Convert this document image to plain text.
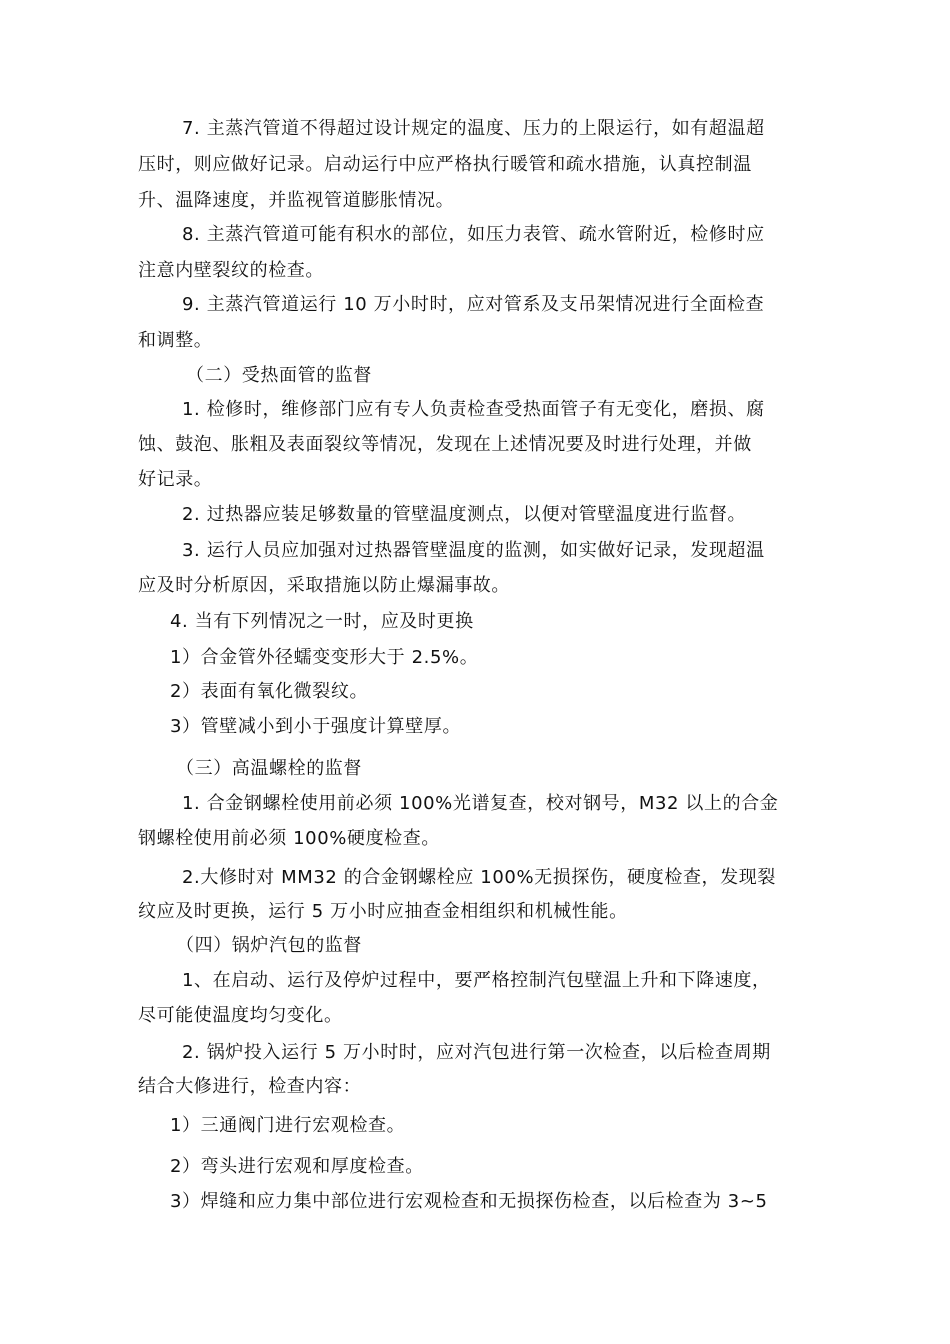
7. 主蒸汽管道不得超过设计规定的温度、压力的上限运行，如有超温超
压时，则应做好记录。启动运行中应严格执行暖管和疏水措施，认真控制温
升、温降速度，并监视管道膨胀情况。
8. 主蒸汽管道可能有积水的部位，如压力表管、疏水管附近，检修时应
注意内壁裂纹的检查。
9. 主蒸汽管道运行 10 万小时时，应对管系及支吊架情况进行全面检查
和调整。
（二）受热面管的监督
1. 检修时，维修部门应有专人负责检查受热面管子有无变化，磨损、腐
蚀、鼓泡、胀粗及表面裂纹等情况，发现在上述情况要及时进行处理，并做
好记录。
2. 过热器应装足够数量的管壁温度测点，以便对管壁温度进行监督。
3. 运行人员应加强对过热器管壁温度的监测，如实做好记录，发现超温
应及时分析原因，采取措施以防止爆漏事故。
4. 当有下列情况之一时，应及时更换
1）合金管外径蠕变变形大于 2.5%。
2）表面有氧化微裂纹。
3）管壁减小到小于强度计算壁厚。
（三）高温螺栓的监督
1. 合金钢螺栓使用前必须 100%光谱复查，校对钢号，M32 以上的合金
钢螺栓使用前必须 100%硬度检查。
2.大修时对 MM32 的合金钢螺栓应 100%无损探伤，硬度检查，发现裂
纹应及时更换，运行 5 万小时应抽查金相组织和机械性能。
（四）锅炉汽包的监督
1、在启动、运行及停炉过程中，要严格控制汽包壁温上升和下降速度，
尽可能使温度均匀变化。
2. 锅炉投入运行 5 万小时时，应对汽包进行第一次检查，以后检查周期
结合大修进行，检查内容：
1）三通阀门进行宏观检查。
2）弯头进行宏观和厚度检查。
3）焊缝和应力集中部位进行宏观检查和无损探伤检查，以后检查为 3~5
